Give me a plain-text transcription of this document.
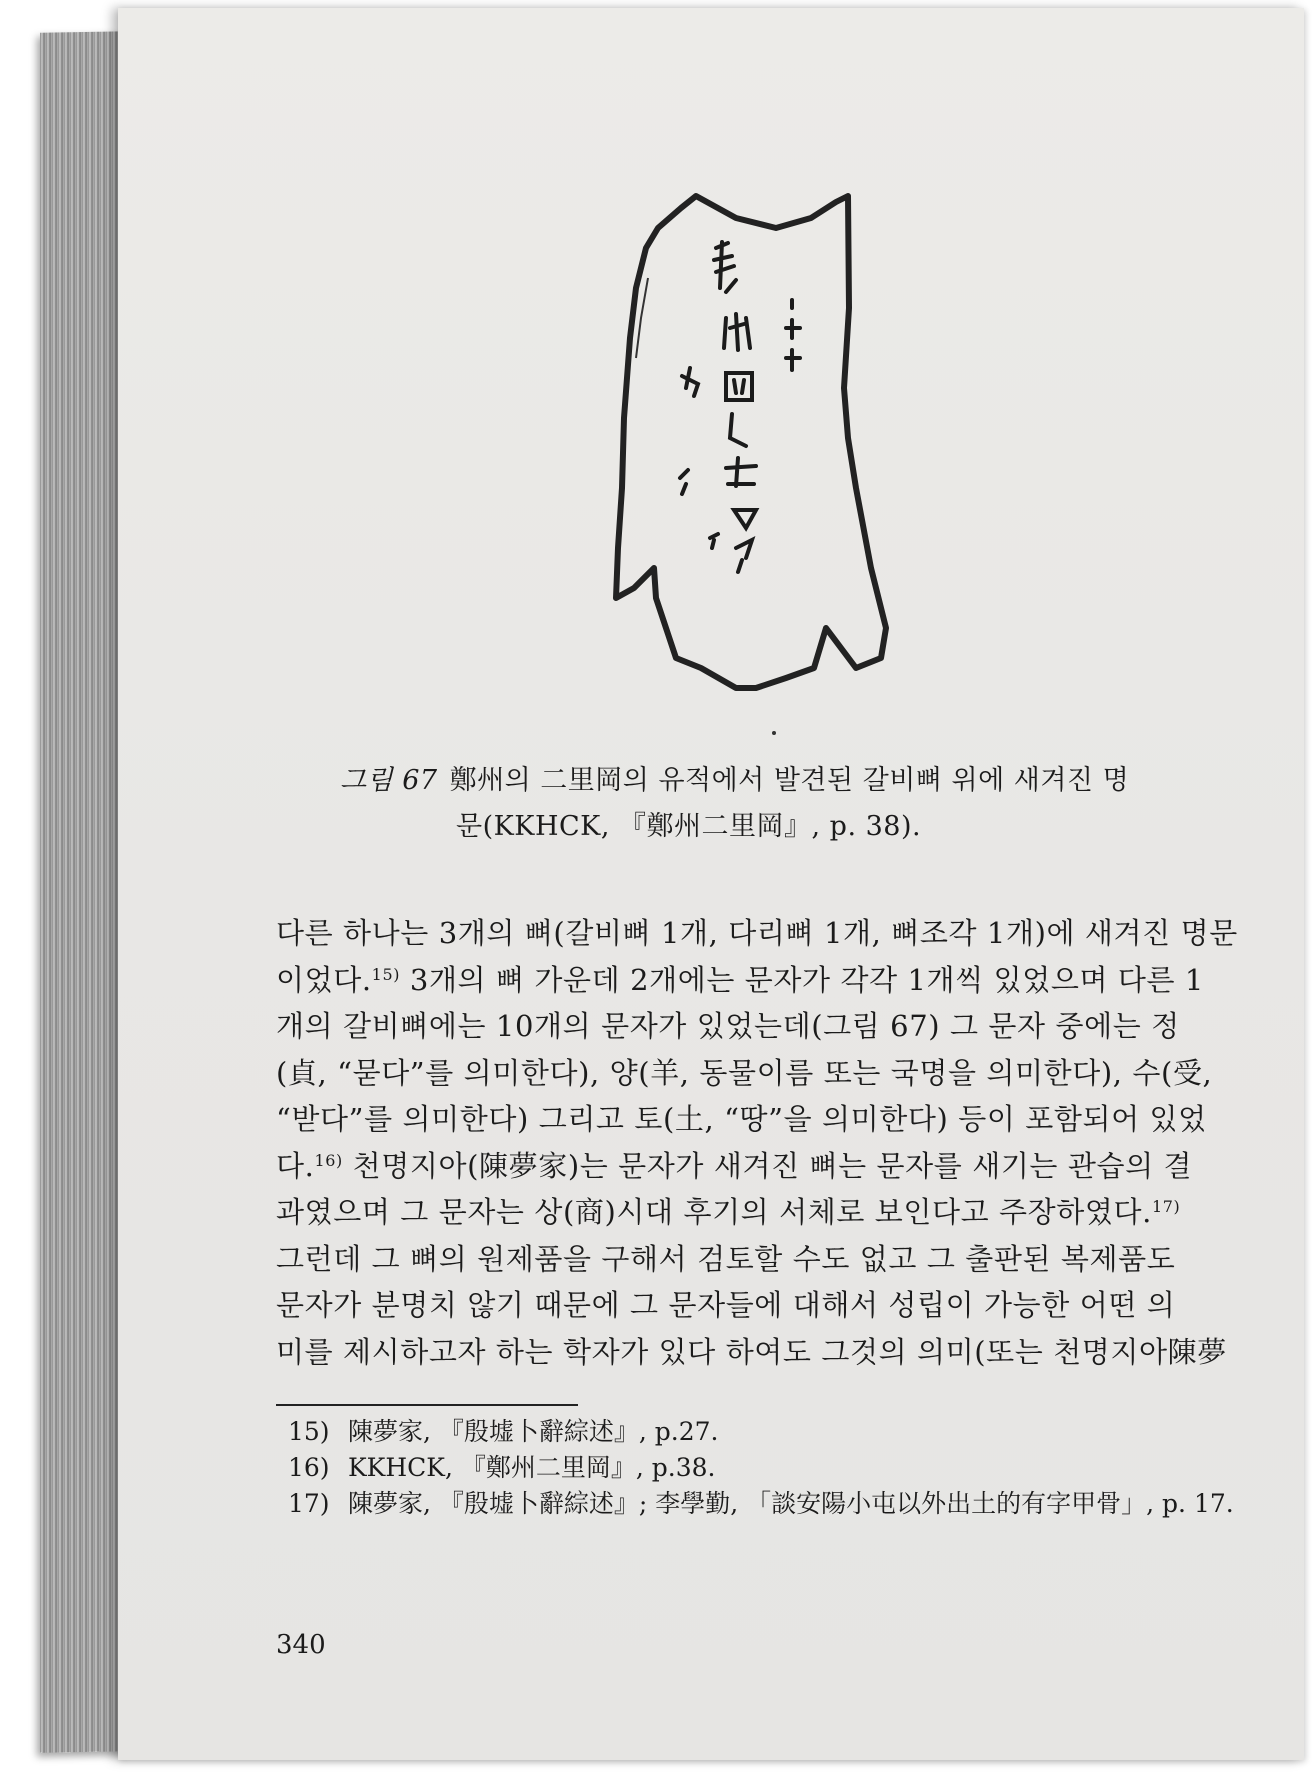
그림 67 鄭州의 二里岡의 유적에서 발견된 갈비뼈 위에 새겨진 명
문(KKHCK, 『鄭州二里岡』, p. 38).
다른 하나는 3개의 뼈(갈비뼈 1개, 다리뼈 1개, 뼈조각 1개)에 새겨진 명문
이었다.$^{15)}$ 3개의 뼈 가운데 2개에는 문자가 각각 1개씩 있었으며 다른 1
개의 갈비뼈에는 10개의 문자가 있었는데(그림 67) 그 문자 중에는 정
(貞, “묻다”를 의미한다), 양(羊, 동물이름 또는 국명을 의미한다), 수(受,
“받다”를 의미한다) 그리고 토(土, “땅”을 의미한다) 등이 포함되어 있었
다.$^{16)}$ 천명지아(陳夢家)는 문자가 새겨진 뼈는 문자를 새기는 관습의 결
과였으며 그 문자는 상(商)시대 후기의 서체로 보인다고 주장하였다.$^{17)}$
그런데 그 뼈의 원제품을 구해서 검토할 수도 없고 그 출판된 복제품도
문자가 분명치 않기 때문에 그 문자들에 대해서 성립이 가능한 어떤 의
미를 제시하고자 하는 학자가 있다 하여도 그것의 의미(또는 천명지아陳夢
15) 陳夢家, 『殷墟卜辭綜述』, p.27.
16) KKHCK, 『鄭州二里岡』, p.38.
17) 陳夢家, 『殷墟卜辭綜述』; 李學勤, 「談安陽小屯以外出土的有字甲骨」, p. 17.
340
